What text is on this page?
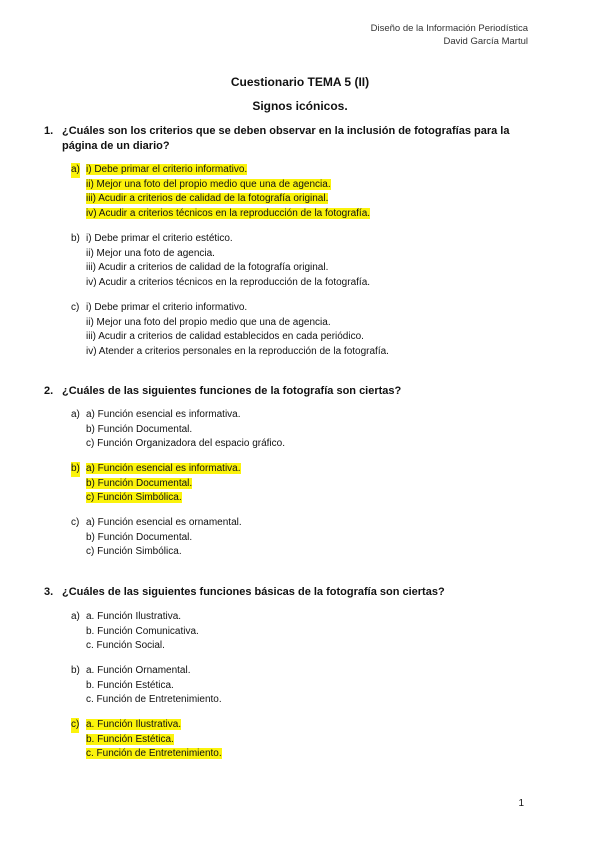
Diseño de la Información Periodística
David García Martul
Cuestionario TEMA 5 (II)
Signos icónicos.
1. ¿Cuáles son los criterios que se deben observar en la inclusión de fotografías para la página de un diario?
a) i) Debe primar el criterio informativo.
ii) Mejor una foto del propio medio que una de agencia.
iii) Acudir a criterios de calidad de la fotografía original.
iv) Acudir a criterios técnicos en la reproducción de la fotografía.
b) i) Debe primar el criterio estético.
ii) Mejor una foto de agencia.
iii) Acudir a criterios de calidad de la fotografía original.
iv) Acudir a criterios técnicos en la reproducción de la fotografía.
c) i) Debe primar el criterio informativo.
ii) Mejor una foto del propio medio que una de agencia.
iii) Acudir a criterios de calidad establecidos en cada periódico.
iv) Atender a criterios personales en la reproducción de la fotografía.
2. ¿Cuáles de las siguientes funciones de la fotografía son ciertas?
a) a) Función esencial es informativa.
b) Función Documental.
c) Función Organizadora del espacio gráfico.
b) a) Función esencial es informativa.
b) Función Documental.
c) Función Simbólica.
c) a) Función esencial es ornamental.
b) Función Documental.
c) Función Simbólica.
3. ¿Cuáles de las siguientes funciones básicas de la fotografía son ciertas?
a) a. Función Ilustrativa.
b. Función Comunicativa.
c. Función Social.
b) a. Función Ornamental.
b. Función Estética.
c. Función de Entretenimiento.
c) a. Función Ilustrativa.
b. Función Estética.
c. Función de Entretenimiento.
1
